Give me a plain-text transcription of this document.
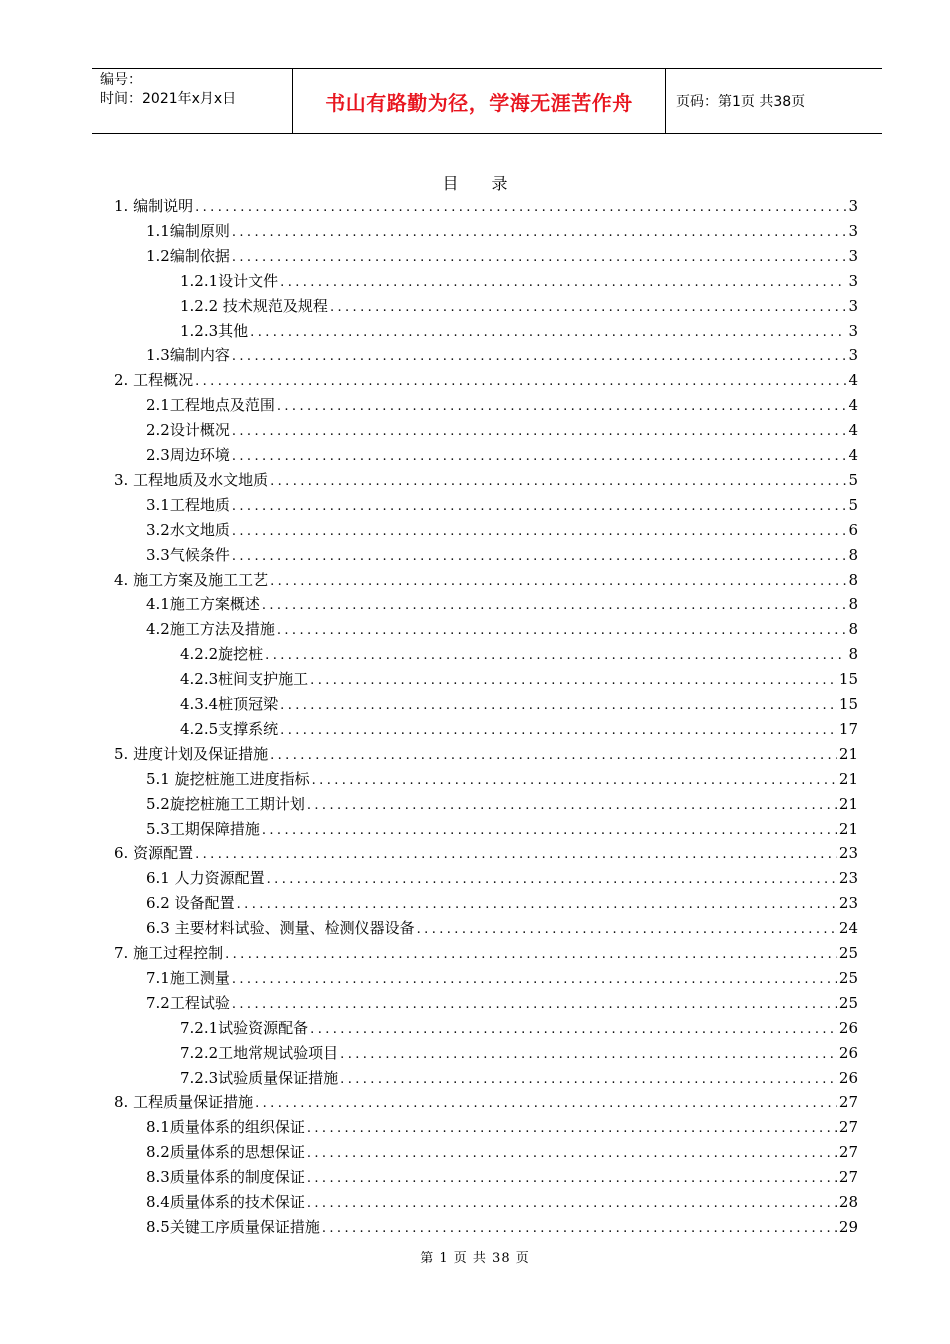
编号：
时间：2021年x月x日	书山有路勤为径，学海无涯苦作舟	页码：第1页 共38页
目 录
1. 编制说明 .....	3
1.1编制原则 .....	3
1.2编制依据 .....	3
1.2.1设计文件 .....	3
1.2.2 技术规范及规程 .....	3
1.2.3其他 .....	3
1.3编制内容 .....	3
2. 工程概况 .....	4
2.1工程地点及范围 .....	4
2.2设计概况 .....	4
2.3周边环境 .....	4
3. 工程地质及水文地质 .....	5
3.1工程地质 .....	5
3.2水文地质 .....	6
3.3气候条件 .....	8
4. 施工方案及施工工艺 .....	8
4.1施工方案概述 .....	8
4.2施工方法及措施 .....	8
4.2.2旋挖桩 .....	8
4.2.3桩间支护施工 .....	15
4.3.4桩顶冠梁 .....	15
4.2.5支撑系统 .....	17
5. 进度计划及保证措施 .....	21
5.1 旋挖桩施工进度指标 .....	21
5.2旋挖桩施工工期计划 .....	21
5.3工期保障措施 .....	21
6. 资源配置 .....	23
6.1 人力资源配置 .....	23
6.2 设备配置 .....	23
6.3 主要材料试验、测量、检测仪器设备 .....	24
7. 施工过程控制 .....	25
7.1施工测量 .....	25
7.2工程试验 .....	25
7.2.1试验资源配备 .....	26
7.2.2工地常规试验项目 .....	26
7.2.3试验质量保证措施 .....	26
8. 工程质量保证措施 .....	27
8.1质量体系的组织保证 .....	27
8.2质量体系的思想保证 .....	27
8.3质量体系的制度保证 .....	27
8.4质量体系的技术保证 .....	28
8.5关键工序质量保证措施 .....	29
第 1 页 共 38 页
